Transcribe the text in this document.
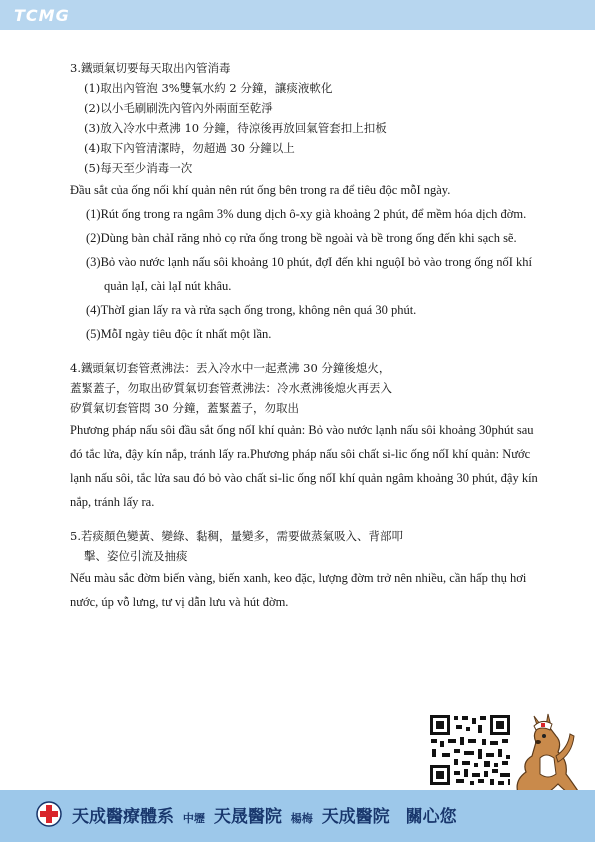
TCMG
3.鐵頭氣切要每天取出內管消毒
(1)取出內管泡 3%雙氧水約 2 分鐘，讓痰液軟化
(2)以小毛刷刷洗內管內外兩面至乾淨
(3)放入冷水中煮沸 10 分鐘，待涼後再放回氣管套扣上扣板
(4)取下內管清潔時，勿超過 30 分鐘以上
(5)每天至少消毒一次
Đầu sắt của ống nối khí quản nên rút ống bên trong ra để tiêu độc mỗI ngày.
(1)Rút ống trong ra ngâm 3% dung dịch ô-xy già khoảng 2 phút, để mềm hóa dịch đờm.
(2)Dùng bàn chảI răng nhỏ cọ rửa ống trong bề ngoài và bề trong ống đến khi sạch sẽ.
(3)Bỏ vào nước lạnh nấu sôi khoảng 10 phút, đợI đến khi nguộI bỏ vào trong ống nốI khí quản lạI, cài lạI nút khâu.
(4)ThờI gian lấy ra và rửa sạch ống trong, không nên quá 30 phút.
(5)MỗI ngày tiêu độc ít nhất một lần.
4.鐵頭氣切套管煮沸法：丟入冷水中一起煮沸 30 分鐘後熄火，
蓋緊蓋子，勿取出矽質氣切套管煮沸法：冷水煮沸後熄火再丟入
矽質氣切套管悶 30 分鐘，蓋緊蓋子，勿取出
Phương pháp nấu sôi đầu sắt ống nốI khí quản: Bỏ vào nước lạnh nấu sôi khoảng 30phút sau đó tắc lửa, đậy kín nắp, tránh lấy ra.Phương pháp nấu sôi chất si-lic ống nốI khí quản: Nước lạnh nấu sôi, tắc lửa sau đó bỏ vào chất si-lic ống nốI khí quản ngâm khoảng 30 phút, đậy kín nắp, tránh lấy ra.
5.若痰顏色變黃、變綠、黏稠，量變多，需要做蒸氣吸入、背部叩
擊、姿位引流及抽痰
Nếu màu sắc đờm biến vàng, biến xanh, keo đặc, lượng đờm trở nên nhiều, cần hấp thụ hơi nước, úp vỗ lưng, tư vị dẫn lưu và hút đờm.
天成醫療體系 中壢 天晟醫院 楊梅 天成醫院 關心您
